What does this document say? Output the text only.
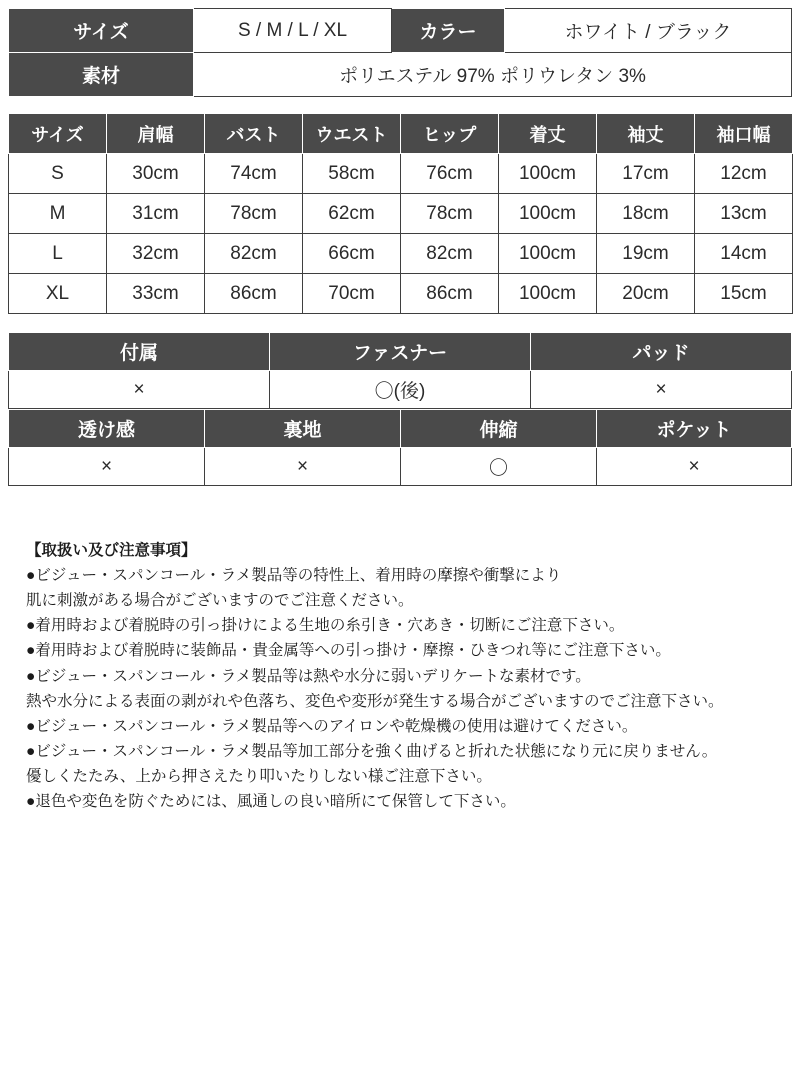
サイズ	S / M / L / XL	カラー	ホワイト / ブラック
素材	ポリエステル 97% ポリウレタン 3%		
サイズ	肩幅	バスト	ウエスト	ヒップ	着丈	袖丈	袖口幅
S	30cm	74cm	58cm	76cm	100cm	17cm	12cm
M	31cm	78cm	62cm	78cm	100cm	18cm	13cm
L	32cm	82cm	66cm	82cm	100cm	19cm	14cm
XL	33cm	86cm	70cm	86cm	100cm	20cm	15cm
付属	ファスナー	パッド
×	〇(後)	×
透け感	裏地	伸縮	ポケット
×	×	〇	×

【取扱い及び注意事項】

●ビジュー・スパンコール・ラメ製品等の特性上、着用時の摩擦や衝撃により

肌に刺激がある場合がございますのでご注意ください。

●着用時および着脱時の引っ掛けによる生地の糸引き・穴あき・切断にご注意下さい。

●着用時および着脱時に装飾品・貴金属等への引っ掛け・摩擦・ひきつれ等にご注意下さい。

●ビジュー・スパンコール・ラメ製品等は熱や水分に弱いデリケートな素材です。

熱や水分による表面の剥がれや色落ち、変色や変形が発生する場合がございますのでご注意下さい。

●ビジュー・スパンコール・ラメ製品等へのアイロンや乾燥機の使用は避けてください。

●ビジュー・スパンコール・ラメ製品等加工部分を強く曲げると折れた状態になり元に戻りません。

優しくたたみ、上から押さえたり叩いたりしない様ご注意下さい。

●退色や変色を防ぐためには、風通しの良い暗所にて保管して下さい。
